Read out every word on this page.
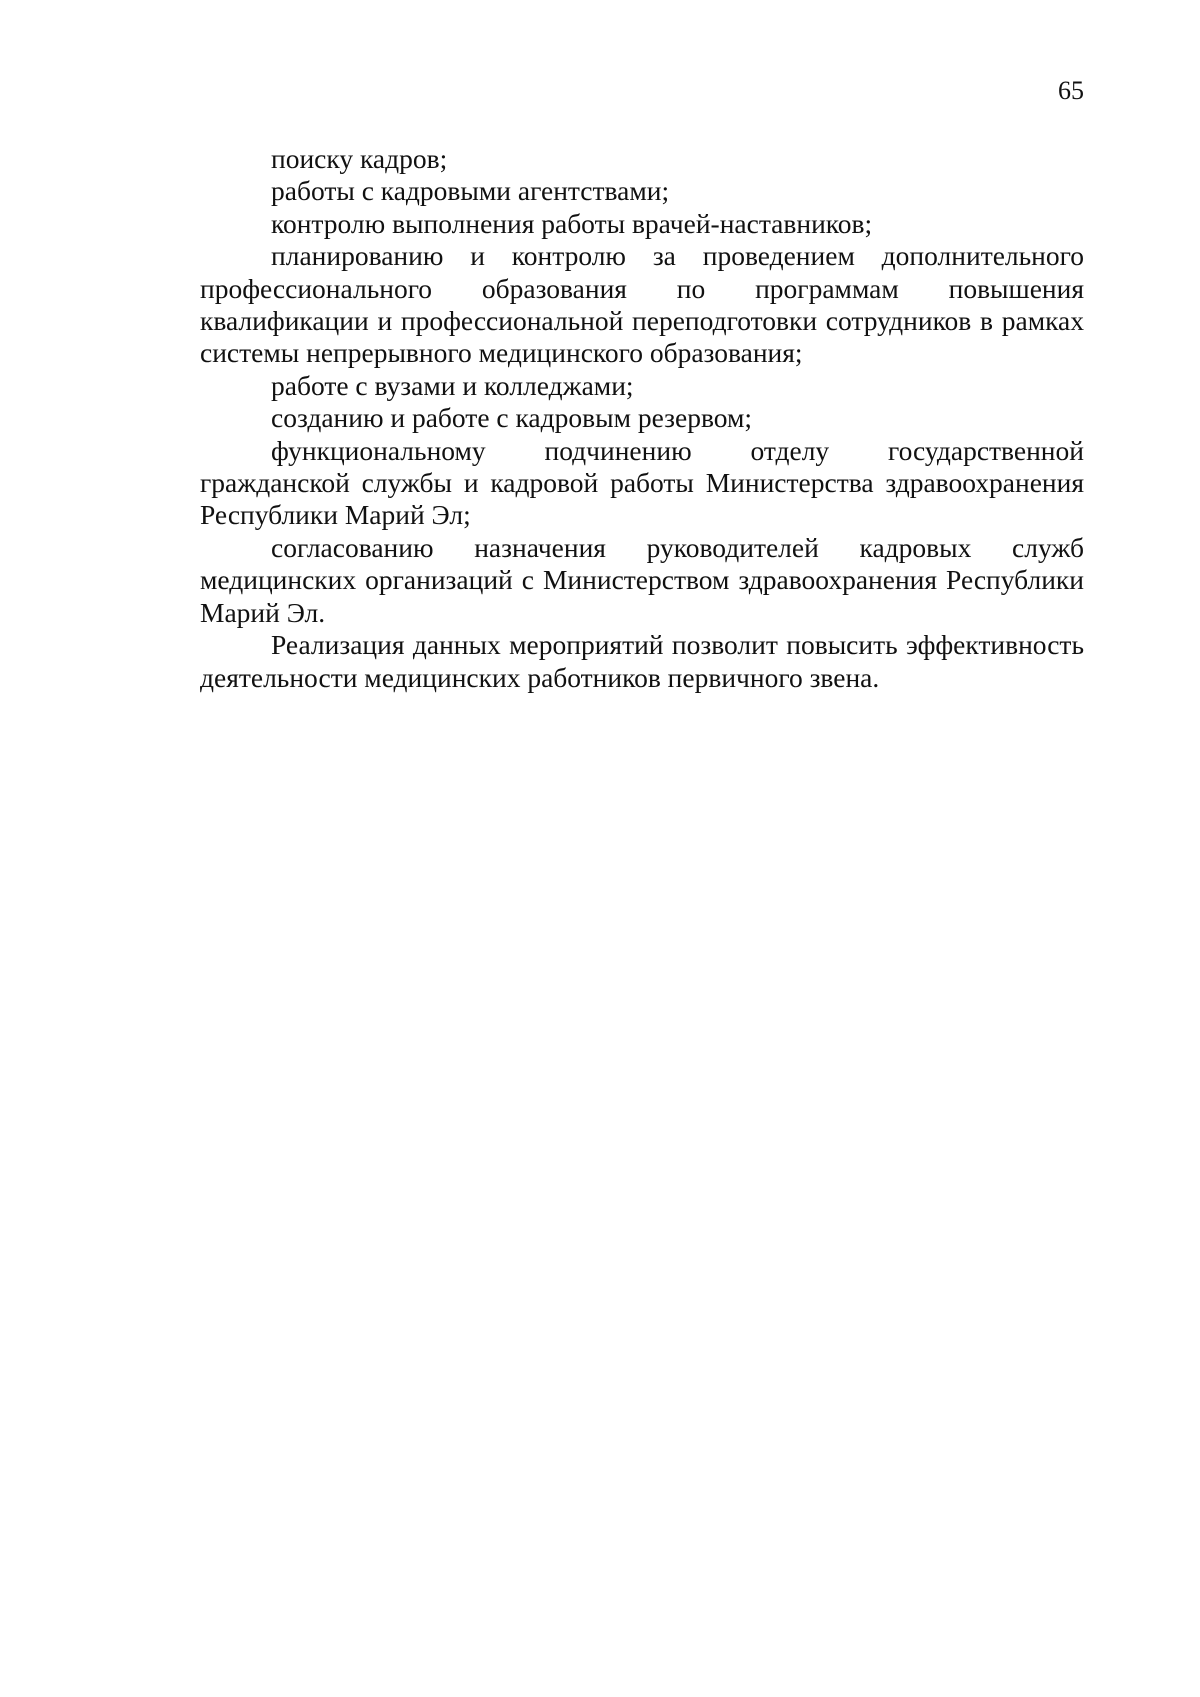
65

поиску кадров;

работы с кадровыми агентствами;

контролю выполнения работы врачей-наставников;

планированию и контролю за проведением дополнительного профессионального образования по программам повышения квалификации и профессиональной переподготовки сотрудников в рамках системы непрерывного медицинского образования;

работе с вузами и колледжами;

созданию и работе с кадровым резервом;

функциональному подчинению отделу государственной гражданской службы и кадровой работы Министерства здравоохранения Республики Марий Эл;

согласованию назначения руководителей кадровых служб медицинских организаций с Министерством здравоохранения Республики Марий Эл.

Реализация данных мероприятий позволит повысить эффективность деятельности медицинских работников первичного звена.
